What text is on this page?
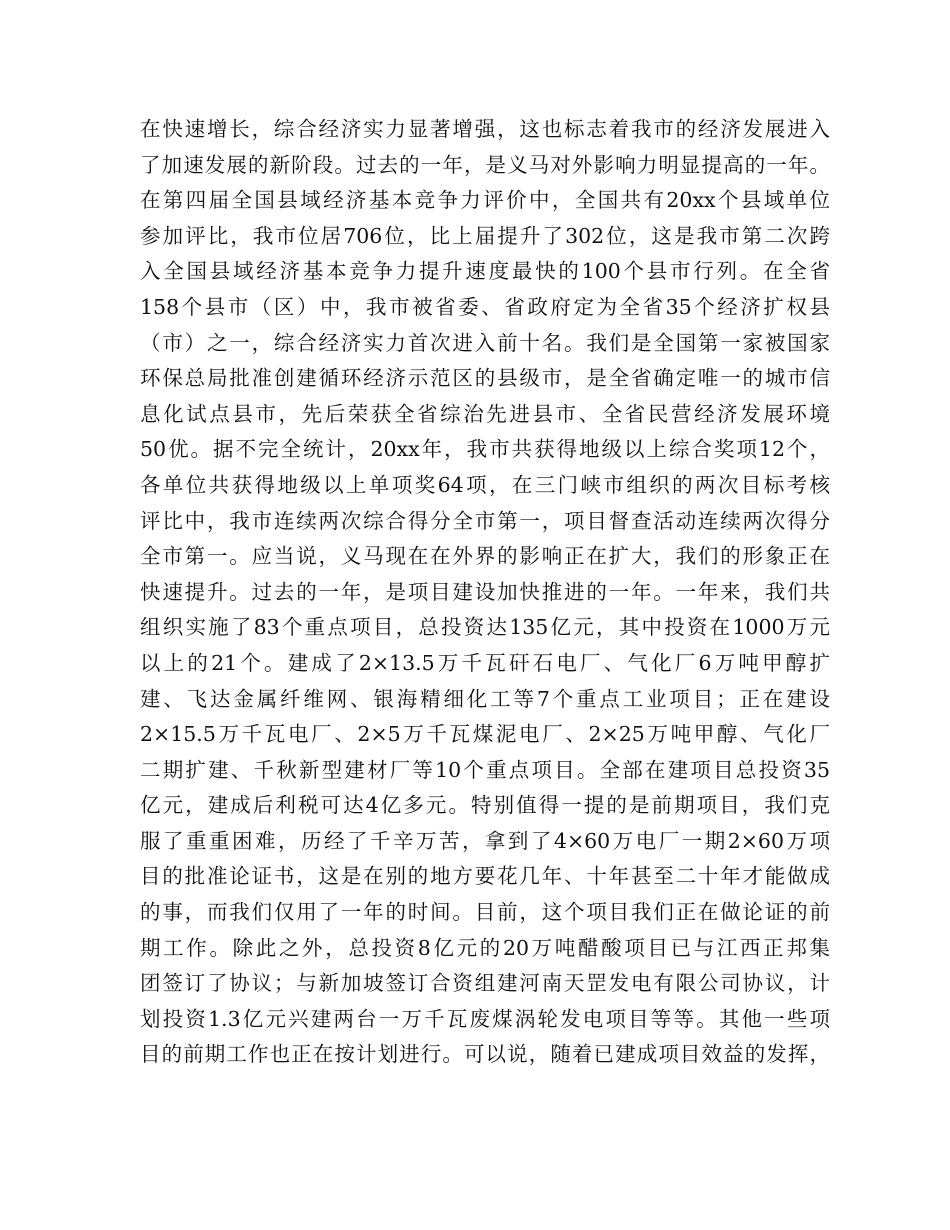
在快速增长，综合经济实力显著增强，这也标志着我市的经济发展进入
了加速发展的新阶段。过去的一年，是义马对外影响力明显提高的一年。
在第四届全国县域经济基本竞争力评价中，全国共有20xx个县域单位
参加评比，我市位居706位，比上届提升了302位，这是我市第二次跨
入全国县域经济基本竞争力提升速度最快的100个县市行列。在全省
158个县市（区）中，我市被省委、省政府定为全省35个经济扩权县
（市）之一，综合经济实力首次进入前十名。我们是全国第一家被国家
环保总局批准创建循环经济示范区的县级市，是全省确定唯一的城市信
息化试点县市，先后荣获全省综治先进县市、全省民营经济发展环境
50优。据不完全统计，20xx年，我市共获得地级以上综合奖项12个，
各单位共获得地级以上单项奖64项，在三门峡市组织的两次目标考核
评比中，我市连续两次综合得分全市第一，项目督查活动连续两次得分
全市第一。应当说，义马现在在外界的影响正在扩大，我们的形象正在
快速提升。过去的一年，是项目建设加快推进的一年。一年来，我们共
组织实施了83个重点项目，总投资达135亿元，其中投资在1000万元
以上的21个。建成了2×13.5万千瓦矸石电厂、气化厂6万吨甲醇扩
建、飞达金属纤维网、银海精细化工等7个重点工业项目；正在建设
2×15.5万千瓦电厂、2×5万千瓦煤泥电厂、2×25万吨甲醇、气化厂
二期扩建、千秋新型建材厂等10个重点项目。全部在建项目总投资35
亿元，建成后利税可达4亿多元。特别值得一提的是前期项目，我们克
服了重重困难，历经了千辛万苦，拿到了4×60万电厂一期2×60万项
目的批准论证书，这是在别的地方要花几年、十年甚至二十年才能做成
的事，而我们仅用了一年的时间。目前，这个项目我们正在做论证的前
期工作。除此之外，总投资8亿元的20万吨醋酸项目已与江西正邦集
团签订了协议；与新加坡签订合资组建河南天罡发电有限公司协议，计
划投资1.3亿元兴建两台一万千瓦废煤涡轮发电项目等等。其他一些项
目的前期工作也正在按计划进行。可以说，随着已建成项目效益的发挥，
